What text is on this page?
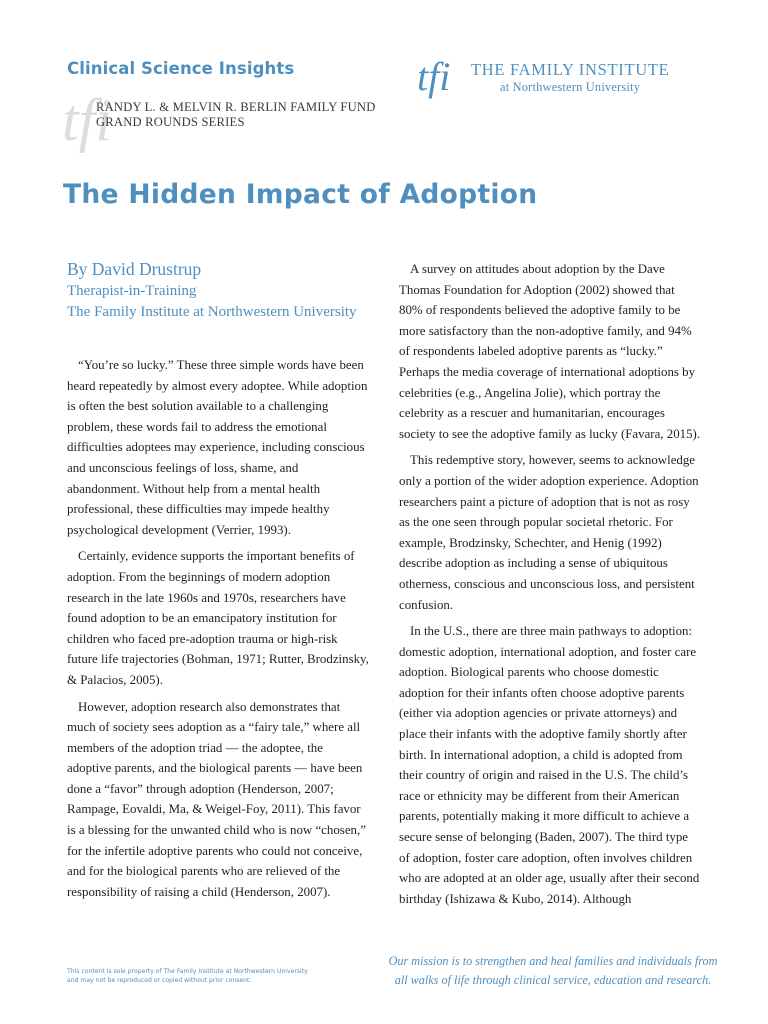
Clinical Science Insights
tfi
RANDY L. & MELVIN R. BERLIN FAMILY FUND
GRAND ROUNDS SERIES
tfi THE FAMILY INSTITUTE
at Northwestern University
The Hidden Impact of Adoption

By David Drustrup

Therapist-in-Training

The Family Institute at Northwestern University

“You’re so lucky.” These three simple words have been heard repeatedly by almost every adoptee. While adoption is often the best solution available to a challenging problem, these words fail to address the emotional difficulties adoptees may experience, including conscious and unconscious feelings of loss, shame, and abandonment. Without help from a mental health professional, these difficulties may impede healthy psychological development (Verrier, 1993).

Certainly, evidence supports the important benefits of adoption. From the beginnings of modern adoption research in the late 1960s and 1970s, researchers have found adoption to be an emancipatory institution for children who faced pre-adoption trauma or high-risk future life trajectories (Bohman, 1971; Rutter, Brodzinsky, & Palacios, 2005).

However, adoption research also demonstrates that much of society sees adoption as a “fairy tale,” where all members of the adoption triad — the adoptee, the adoptive parents, and the biological parents — have been done a “favor” through adoption (Henderson, 2007; Rampage, Eovaldi, Ma, & Weigel-Foy, 2011). This favor is a blessing for the unwanted child who is now “chosen,” for the infertile adoptive parents who could not conceive, and for the biological parents who are relieved of the responsibility of raising a child (Henderson, 2007).

A survey on attitudes about adoption by the Dave Thomas Foundation for Adoption (2002) showed that 80% of respondents believed the adoptive family to be more satisfactory than the non-adoptive family, and 94% of respondents labeled adoptive parents as “lucky.” Perhaps the media coverage of international adoptions by celebrities (e.g., Angelina Jolie), which portray the celebrity as a rescuer and humanitarian, encourages society to see the adoptive family as lucky (Favara, 2015).

This redemptive story, however, seems to acknowledge only a portion of the wider adoption experience. Adoption researchers paint a picture of adoption that is not as rosy as the one seen through popular societal rhetoric. For example, Brodzinsky, Schechter, and Henig (1992) describe adoption as including a sense of ubiquitous otherness, conscious and unconscious loss, and persistent confusion.

In the U.S., there are three main pathways to adoption: domestic adoption, international adoption, and foster care adoption. Biological parents who choose domestic adoption for their infants often choose adoptive parents (either via adoption agencies or private attorneys) and place their infants with the adoptive family shortly after birth. In international adoption, a child is adopted from their country of origin and raised in the U.S. The child’s race or ethnicity may be different from their American parents, potentially making it more difficult to achieve a secure sense of belonging (Baden, 2007). The third type of adoption, foster care adoption, often involves children who are adopted at an older age, usually after their second birthday (Ishizawa & Kubo, 2014). Although

This content is sole property of The Family Institute at Northwestern University
and may not be reproduced or copied without prior consent.
Our mission is to strengthen and heal families and individuals from all walks of life through clinical service, education and research.
